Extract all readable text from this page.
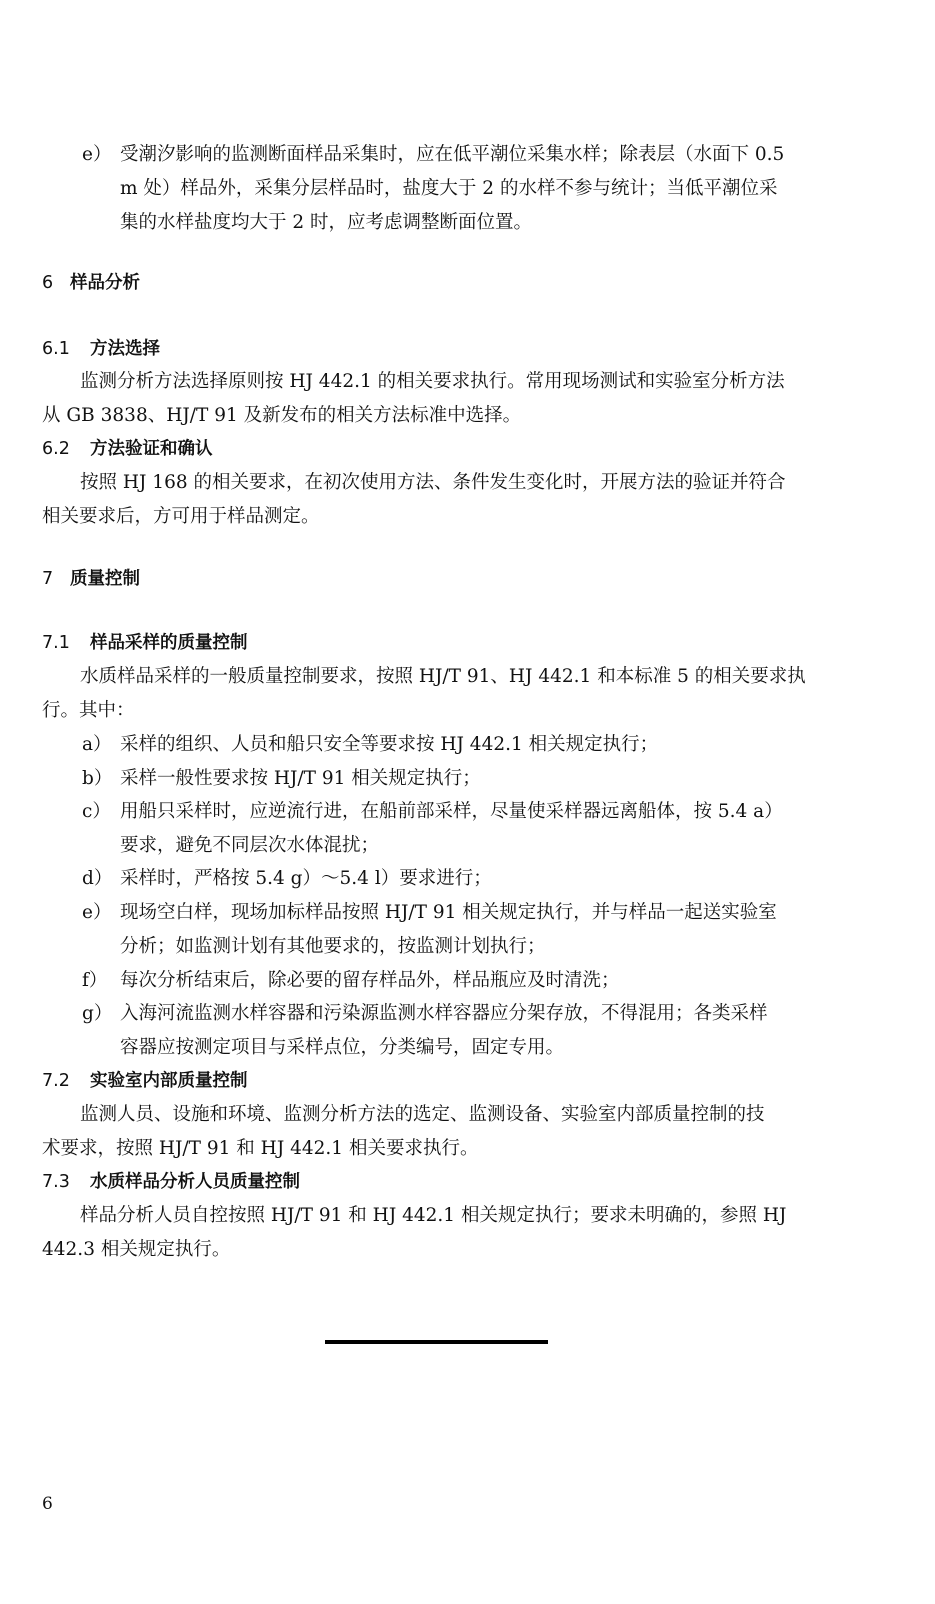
e） 受潮汐影响的监测断面样品采集时，应在低平潮位采集水样；除表层（水面下 0.5
m 处）样品外，采集分层样品时，盐度大于 2 的水样不参与统计；当低平潮位采
集的水样盐度均大于 2 时，应考虑调整断面位置。
6 样品分析
6.1 方法选择
监测分析方法选择原则按 HJ 442.1 的相关要求执行。常用现场测试和实验室分析方法
从 GB 3838、HJ/T 91 及新发布的相关方法标准中选择。
6.2 方法验证和确认
按照 HJ 168 的相关要求，在初次使用方法、条件发生变化时，开展方法的验证并符合
相关要求后，方可用于样品测定。
7 质量控制
7.1 样品采样的质量控制
水质样品采样的一般质量控制要求，按照 HJ/T 91、HJ 442.1 和本标准 5 的相关要求执
行。其中：
a） 采样的组织、人员和船只安全等要求按 HJ 442.1 相关规定执行；
b） 采样一般性要求按 HJ/T 91 相关规定执行；
c） 用船只采样时，应逆流行进，在船前部采样，尽量使采样器远离船体，按 5.4 a）
要求，避免不同层次水体混扰；
d） 采样时，严格按 5.4 g）～5.4 l）要求进行；
e） 现场空白样，现场加标样品按照 HJ/T 91 相关规定执行，并与样品一起送实验室
分析；如监测计划有其他要求的，按监测计划执行；
f） 每次分析结束后，除必要的留存样品外，样品瓶应及时清洗；
g） 入海河流监测水样容器和污染源监测水样容器应分架存放，不得混用；各类采样
容器应按测定项目与采样点位，分类编号，固定专用。
7.2 实验室内部质量控制
监测人员、设施和环境、监测分析方法的选定、监测设备、实验室内部质量控制的技
术要求，按照 HJ/T 91 和 HJ 442.1 相关要求执行。
7.3 水质样品分析人员质量控制
样品分析人员自控按照 HJ/T 91 和 HJ 442.1 相关规定执行；要求未明确的，参照 HJ
442.3 相关规定执行。
6
